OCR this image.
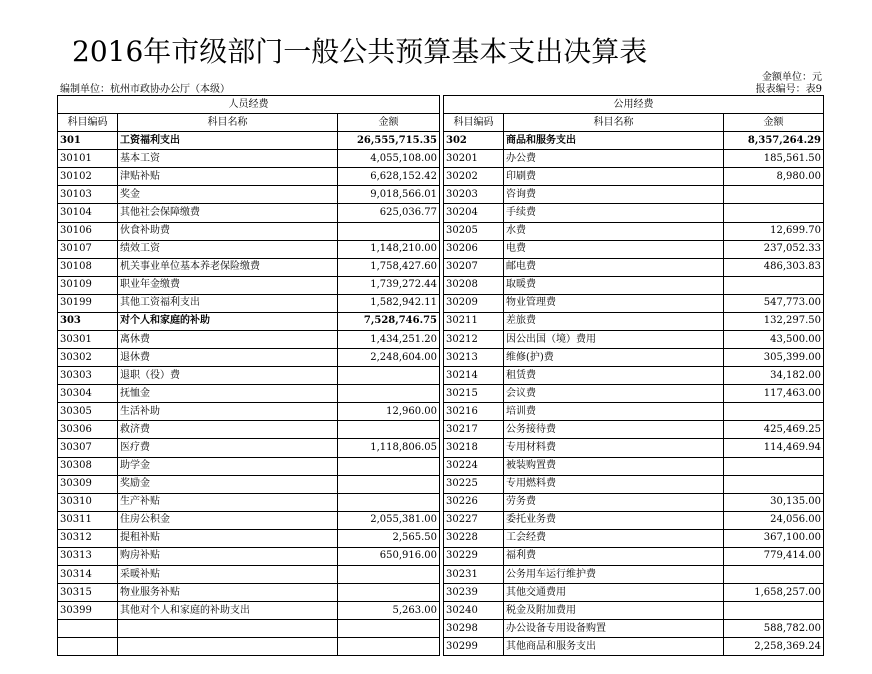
2016年市级部门一般公共预算基本支出决算表
金额单位：元
编制单位：杭州市政协办公厅（本级）	报表编号：表9
人员经费				公用经费		
科目编码	科目名称	金额		科目编码	科目名称	金额
301	工资福利支出	26,555,715.35		302	商品和服务支出	8,357,264.29
30101	基本工资	4,055,108.00		30201	办公费	185,561.50
30102	津贴补贴	6,628,152.42		30202	印刷费	8,980.00
30103	奖金	9,018,566.01		30203	咨询费	
30104	其他社会保障缴费	625,036.77		30204	手续费	
30106	伙食补助费			30205	水费	12,699.70
30107	绩效工资	1,148,210.00		30206	电费	237,052.33
30108	机关事业单位基本养老保险缴费	1,758,427.60		30207	邮电费	486,303.83
30109	职业年金缴费	1,739,272.44		30208	取暖费	
30199	其他工资福利支出	1,582,942.11		30209	物业管理费	547,773.00
303	对个人和家庭的补助	7,528,746.75		30211	差旅费	132,297.50
30301	离休费	1,434,251.20		30212	因公出国（境）费用	43,500.00
30302	退休费	2,248,604.00		30213	维修(护)费	305,399.00
30303	退职（役）费			30214	租赁费	34,182.00
30304	抚恤金			30215	会议费	117,463.00
30305	生活补助	12,960.00		30216	培训费	
30306	救济费			30217	公务接待费	425,469.25
30307	医疗费	1,118,806.05		30218	专用材料费	114,469.94
30308	助学金			30224	被装购置费	
30309	奖励金			30225	专用燃料费	
30310	生产补贴			30226	劳务费	30,135.00
30311	住房公积金	2,055,381.00		30227	委托业务费	24,056.00
30312	提租补贴	2,565.50		30228	工会经费	367,100.00
30313	购房补贴	650,916.00		30229	福利费	779,414.00
30314	采暖补贴			30231	公务用车运行维护费	
30315	物业服务补贴			30239	其他交通费用	1,658,257.00
30399	其他对个人和家庭的补助支出	5,263.00		30240	税金及附加费用	
				30298	办公设备专用设备购置	588,782.00
				30299	其他商品和服务支出	2,258,369.24
